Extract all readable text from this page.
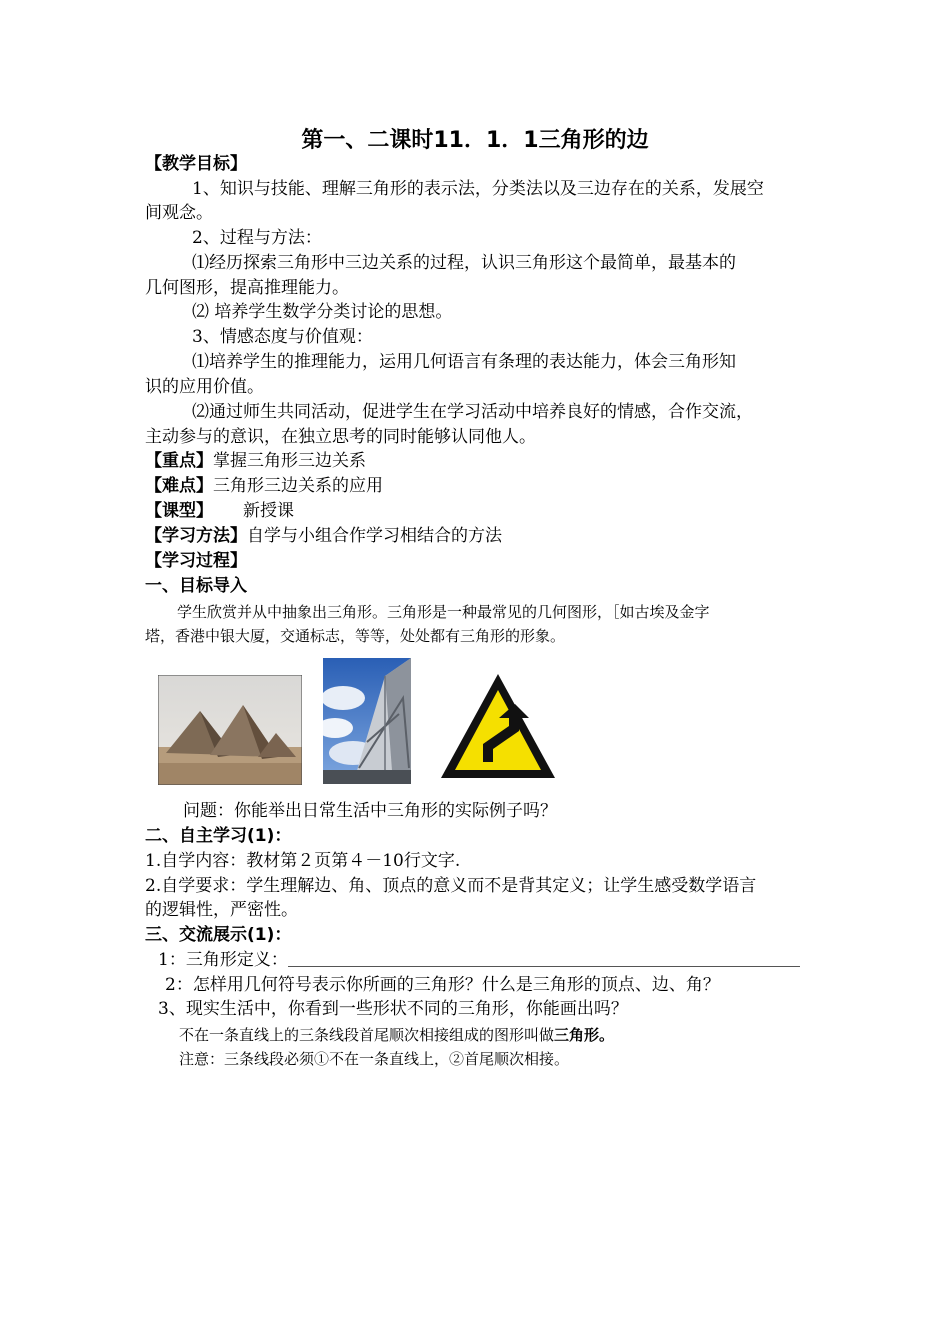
第一、二课时11．1．1三角形的边
【教学目标】
1、知识与技能、理解三角形的表示法，分类法以及三边存在的关系，发展空
间观念。
2、过程与方法：
⑴经历探索三角形中三边关系的过程，认识三角形这个最简单，最基本的
几何图形，提高推理能力。
⑵ 培养学生数学分类讨论的思想。
3、情感态度与价值观：
⑴培养学生的推理能力，运用几何语言有条理的表达能力，体会三角形知
识的应用价值。
⑵通过师生共同活动，促进学生在学习活动中培养良好的情感，合作交流，
主动参与的意识，在独立思考的同时能够认同他人。
【重点】掌握三角形三边关系
【难点】三角形三边关系的应用
【课型】 新授课
【学习方法】自学与小组合作学习相结合的方法
【学习过程】
一、目标导入
学生欣赏并从中抽象出三角形。三角形是一种最常见的几何图形，［如古埃及金字
塔，香港中银大厦，交通标志，等等，处处都有三角形的形象。
问题：你能举出日常生活中三角形的实际例子吗？
二、自主学习(1)：
1.自学内容：教材第２页第４－10行文字.
2.自学要求：学生理解边、角、顶点的意义而不是背其定义；让学生感受数学语言
的逻辑性，严密性。
三、交流展示(1)：
1：三角形定义：
2：怎样用几何符号表示你所画的三角形？什么是三角形的顶点、边、角？
3、现实生活中，你看到一些形状不同的三角形，你能画出吗？
不在一条直线上的三条线段首尾顺次相接组成的图形叫做三角形。
注意：三条线段必须①不在一条直线上，②首尾顺次相接。
